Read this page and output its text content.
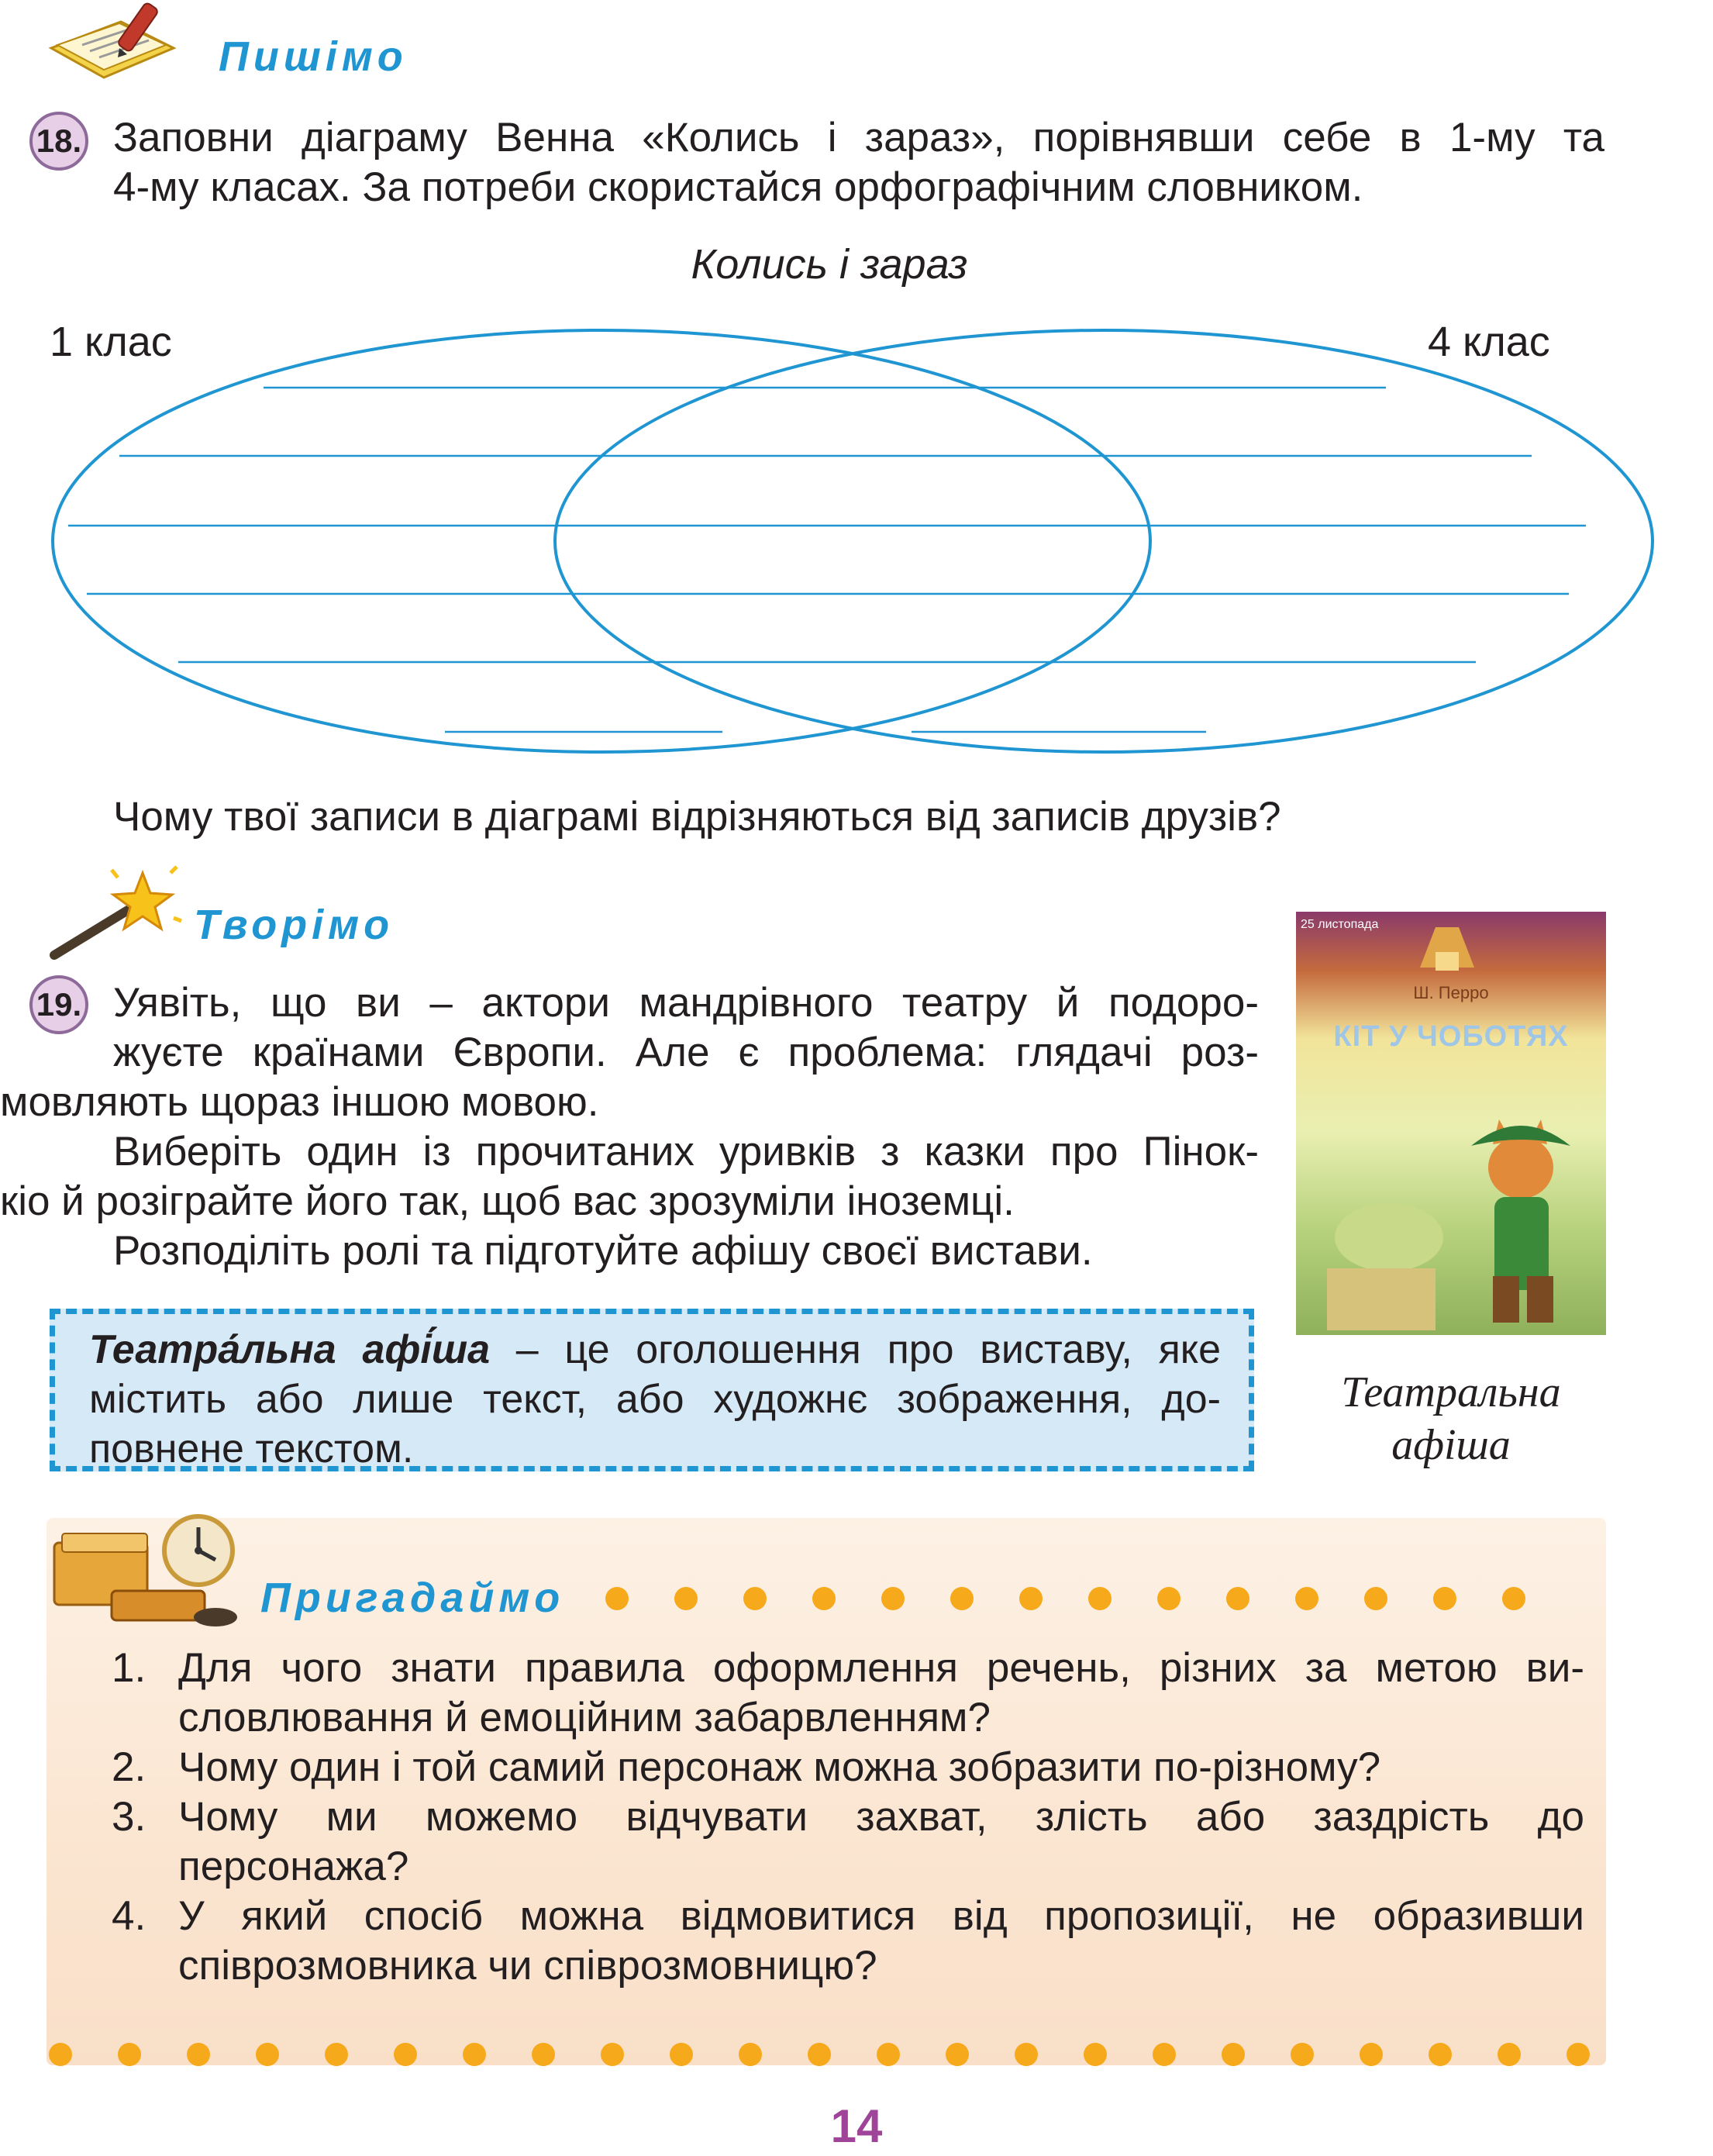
Пишімо
18. Заповни діаграму Венна «Колись і зараз», порівнявши себе в 1-му та
4-му класах. За потреби скористайся орфографічним словником.
Колись і зараз
1 клас	4 клас
Чому твої записи в діаграмі відрізняються від записів друзів?
Творімо
19. Уявіть, що ви – актори мандрівного театру й подоро-
жуєте країнами Європи. Але є проблема: глядачі роз-
мовляють щораз іншою мовою.
Виберіть один із прочитаних уривків з казки про Пінок-
кіо й розіграйте його так, щоб вас зрозуміли іноземці.
Розподіліть ролі та підготуйте афішу своєї вистави.
Театра́льна афі́ша – це оголошення про виставу, яке
містить або лише текст, або художнє зображення, до-
повнене текстом.
25 листопада
Ш. Перро
КІТ У ЧОБОТЯХ
Театральна
афіша
Пригадаймо
1. Для чого знати правила оформлення речень, різних за метою ви-
словлювання й емоційним забарвленням?
2. Чому один і той самий персонаж можна зобразити по-різному?
3. Чому ми можемо відчувати захват, злість або заздрість до
персонажа?
4. У який спосіб можна відмовитися від пропозиції, не образивши
співрозмовника чи співрозмовницю?
14
